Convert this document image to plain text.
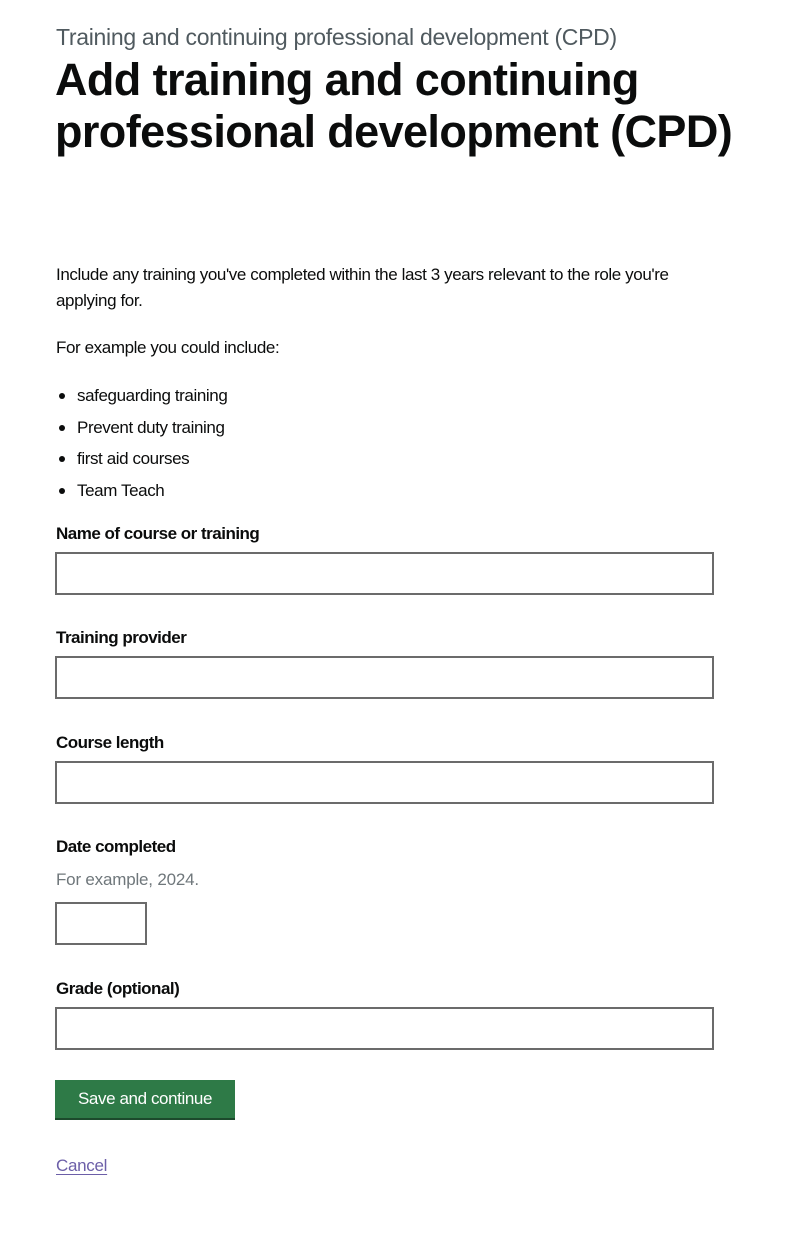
Training and continuing professional development (CPD)
Add training and continuing professional development (CPD)

Include any training you've completed within the last 3 years relevant to the role you're applying for.

For example you could include:

safeguarding training
Prevent duty training
first aid courses
Team Teach
Name of course or training
Training provider
Course length
Date completed
For example, 2024.
Grade (optional)
Save and continue
Cancel
